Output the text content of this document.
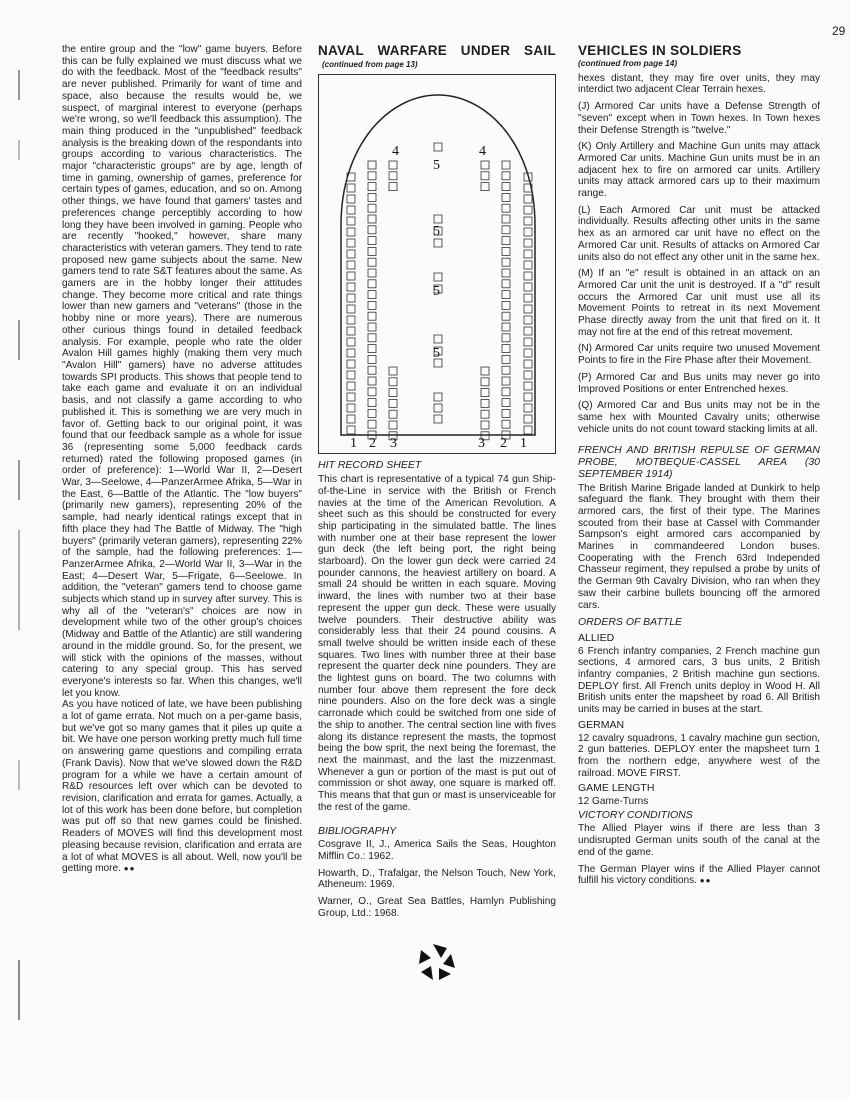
29

the entire group and the "low" game buyers. Before this can be fully explained we must discuss what we do with the feedback. Most of the "feedback results" are never published. Primarily for want of time and space, also because the results would be, we suspect, of marginal interest to everyone (perhaps we're wrong, so we'll feedback this assumption). The main thing produced in the "unpublished" feedback analysis is the breaking down of the respondants into groups according to various characteristics. The major "characteristic groups" are by age, length of time in gaming, ownership of games, preference for certain types of games, education, and so on. Among other things, we have found that gamers' tastes and preferences change perceptibly according to how long they have been involved in gaming. People who are recently "hooked," however, share many characteristics with veteran gamers. They tend to rate proposed new game subjects about the same. New gamers tend to rate S&T features about the same. As gamers are in the hobby longer their attitudes change. They become more critical and rate things lower than new gamers and "veterans" (those in the hobby nine or more years). There are numerous other curious things found in detailed feedback analysis. For example, people who rate the older Avalon Hill games highly (making them very much "Avalon Hill" gamers) have no adverse attitudes towards SPI products. This shows that people tend to take each game and evaluate it on an individual basis, and not classify a game according to who published it. This is something we are very much in favor of. Getting back to our original point, it was found that our feedback sample as a whole for issue 36 (representing some 5,000 feedback cards returned) rated the following proposed games (in order of preference): 1—World War II, 2—Desert War, 3—Seelowe, 4—PanzerArmee Afrika, 5—War in the East, 6—Battle of the Atlantic. The "low buyers" (primarily new gamers), representing 20% of the sample, had nearly identical ratings except that in fifth place they had The Battle of Midway. The "high buyers" (primarily veteran gamers), representing 22% of the sample, had the following preferences: 1—PanzerArmee Afrika, 2—World War II, 3—War in the East; 4—Desert War, 5—Frigate, 6—Seelowe. In addition, the "veteran" gamers tend to choose game subjects which stand up in survey after survey. This is why all of the "veteran's" choices are now in development while two of the other group's choices (Midway and Battle of the Atlantic) are still wandering around in the middle ground. So, for the present, we will stick with the opinions of the masses, without catering to any special group. This has served everyone's interests so far. When this changes, we'll let you know.

As you have noticed of late, we have been publishing a lot of game errata. Not much on a per-game basis, but we've got so many games that it piles up quite a bit. We have one person working pretty much full time on answering game questions and compiling errata (Frank Davis). Now that we've slowed down the R&D program for a while we have a certain amount of R&D resources left over which can be devoted to revision, clarification and errata for games. Actually, a lot of this work has been done before, but completion was put off so that new games could be finished. Readers of MOVES will find this development most pleasing because revision, clarification and errata are a lot of what MOVES is all about. Well, now you'll be getting more. ●●

NAVAL WARFARE UNDER SAIL (continued from page 13)
1 2 3	3 2 1
4	4
5
5
5
5
HIT RECORD SHEET

This chart is representative of a typical 74 gun Ship-of-the-Line in service with the British or French navies at the time of the American Revolution. A sheet such as this should be constructed for every ship participating in the simulated battle. The lines with number one at their base represent the lower gun deck (the left being port, the right being starboard). On the lower gun deck were carried 24 pounder cannons, the heaviest artillery on board. A small 24 should be written in each square. Moving inward, the lines with number two at their base represent the upper gun deck. These were usually twelve pounders. Their destructive ability was considerably less that their 24 pound cousins. A small twelve should be written inside each of these squares. Two lines with number three at their base represent the quarter deck nine pounders. They are the lightest guns on board. The two columns with number four above them represent the fore deck nine pounders. Also on the fore deck was a single carronade which could be switched from one side of the ship to another. The central section line with fives along its distance represent the masts, the topmost being the bow sprit, the next being the foremast, the next the mainmast, and the last the mizzenmast. Whenever a gun or portion of the mast is put out of commission or shot away, one square is marked off. This means that that gun or mast is unserviceable for the rest of the game.

BIBLIOGRAPHY

Cosgrave II, J., America Sails the Seas, Houghton Mifflin Co.: 1962.

Howarth, D., Trafalgar, the Nelson Touch, New York, Atheneum: 1969.

Warner, O., Great Sea Battles, Hamlyn Publishing Group, Ltd.: 1968.

VEHICLES IN SOLDIERS
(continued from page 14)

hexes distant, they may fire over units, they may interdict two adjacent Clear Terrain hexes.

(J) Armored Car units have a Defense Strength of "seven" except when in Town hexes. In Town hexes their Defense Strength is "twelve."

(K) Only Artillery and Machine Gun units may attack Armored Car units. Machine Gun units must be in an adjacent hex to fire on armored car units. Artillery units may attack armored cars up to their maximum range.

(L) Each Armored Car unit must be attacked individually. Results affecting other units in the same hex as an armored car unit have no effect on the Armored Car unit. Results of attacks on Armored Car units also do not effect any other unit in the same hex.

(M) If an "e" result is obtained in an attack on an Armored Car unit the unit is destroyed. If a "d" result occurs the Armored Car unit must use all its Movement Points to retreat in its next Movement Phase directly away from the unit that fired on it. It may not fire at the end of this retreat movement.

(N) Armored Car units require two unused Movement Points to fire in the Fire Phase after their Movement.

(P) Armored Car and Bus units may never go into Improved Positions or enter Entrenched hexes.

(Q) Armored Car and Bus units may not be in the same hex with Mounted Cavalry units; otherwise vehicle units do not count toward stacking limits at all.

FRENCH AND BRITISH REPULSE OF GERMAN PROBE, MOTBEQUE-CASSEL AREA (30 SEPTEMBER 1914)

The British Marine Brigade landed at Dunkirk to help safeguard the flank. They brought with them their armored cars, the first of their type. The Marines scouted from their base at Cassel with Commander Sampson's eight armored cars accompanied by Marines in commandeered London buses. Cooperating with the French 63rd Independed Chasseur regiment, they repulsed a probe by units of the German 9th Cavalry Division, who ran when they saw their carbine bullets bouncing off the armored cars.

ORDERS OF BATTLE
ALLIED

6 French infantry companies, 2 French machine gun sections, 4 armored cars, 3 bus units, 2 British infantry companies, 2 British machine gun sections. DEPLOY first. All French units deploy in Wood H. All British units enter the mapsheet by road 6. All British units may be carried in buses at the start.

GERMAN

12 cavalry squadrons, 1 cavalry machine gun section, 2 gun batteries. DEPLOY enter the mapsheet turn 1 from the northern edge, anywhere west of the railroad. MOVE FIRST.

GAME LENGTH

12 Game-Turns

VICTORY CONDITIONS

The Allied Player wins if there are less than 3 undisrupted German units south of the canal at the end of the game.

The German Player wins if the Allied Player cannot fulfill his victory conditions. ●●
